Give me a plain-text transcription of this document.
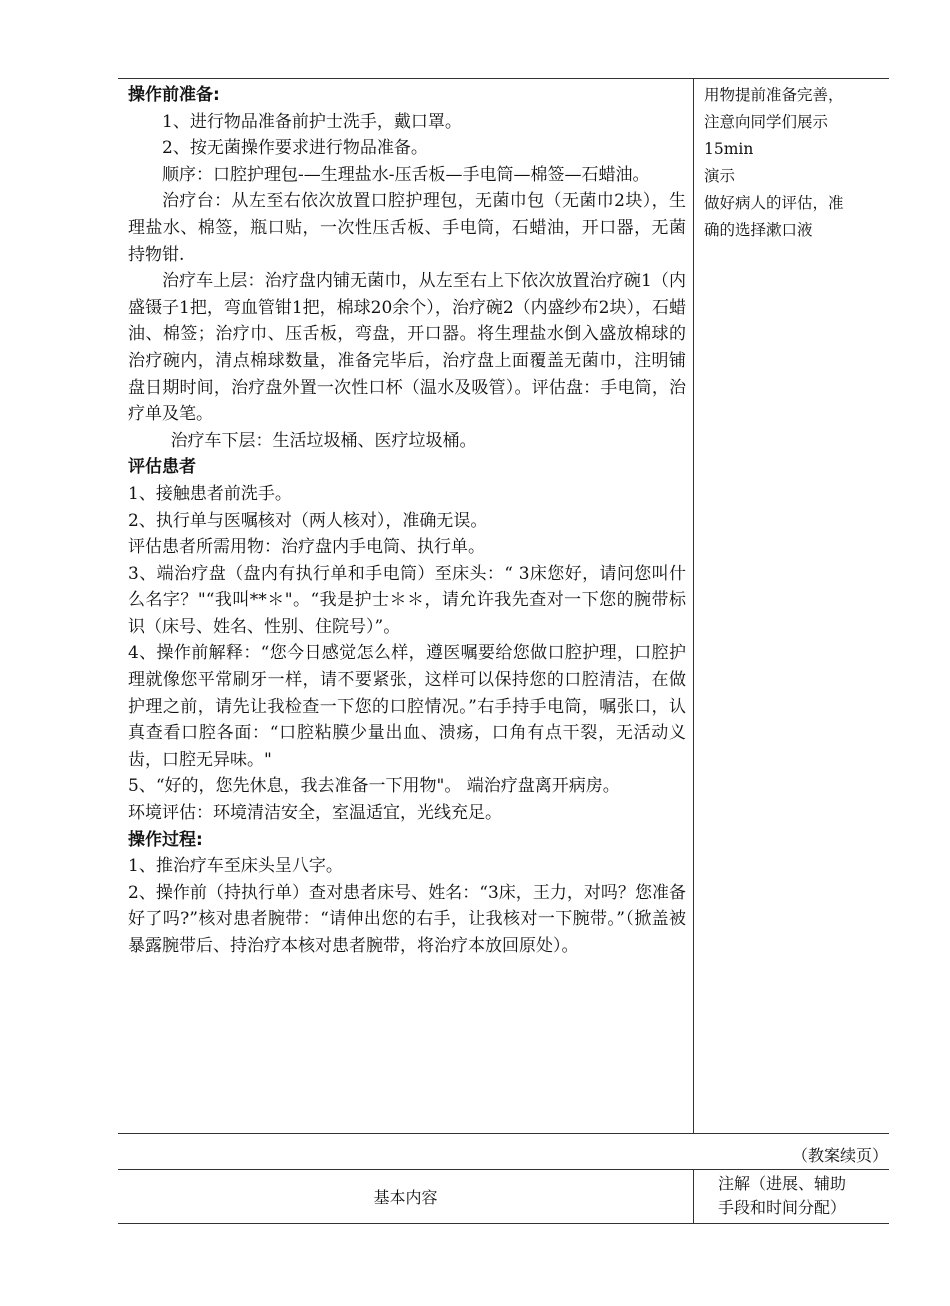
操作前准备:

1、进行物品准备前护士洗手，戴口罩。

2、按无菌操作要求进行物品准备。

顺序：口腔护理包-—生理盐水-压舌板—手电筒—棉签—石蜡油。

治疗台：从左至右依次放置口腔护理包，无菌巾包（无菌巾2块），生理盐水、棉签，瓶口贴，一次性压舌板、手电筒，石蜡油，开口器，无菌持物钳.

治疗车上层：治疗盘内铺无菌巾，从左至右上下依次放置治疗碗1（内盛镊子1把，弯血管钳1把，棉球20余个），治疗碗2（内盛纱布2块），石蜡油、棉签；治疗巾、压舌板，弯盘，开口器。将生理盐水倒入盛放棉球的治疗碗内，清点棉球数量，准备完毕后，治疗盘上面覆盖无菌巾，注明铺盘日期时间，治疗盘外置一次性口杯（温水及吸管）。评估盘：手电筒，治疗单及笔。

治疗车下层：生活垃圾桶、医疗垃圾桶。

评估患者

1、接触患者前洗手。

2、执行单与医嘱核对（两人核对），准确无误。

评估患者所需用物：治疗盘内手电筒、执行单。

3、端治疗盘（盘内有执行单和手电筒）至床头：“ 3床您好，请问您叫什么名字？"“我叫**＊"。“我是护士＊＊，请允许我先查对一下您的腕带标识（床号、姓名、性别、住院号）”。

4、操作前解释：“您今日感觉怎么样，遵医嘱要给您做口腔护理，口腔护理就像您平常刷牙一样，请不要紧张，这样可以保持您的口腔清洁，在做护理之前，请先让我检查一下您的口腔情况。”右手持手电筒，嘱张口，认真查看口腔各面：“口腔粘膜少量出血、溃疡，口角有点干裂，无活动义齿，口腔无异味。"

5、“好的，您先休息，我去准备一下用物"。 端治疗盘离开病房。

环境评估：环境清洁安全，室温适宜，光线充足。

操作过程:

1、推治疗车至床头呈八字。

2、操作前（持执行单）查对患者床号、姓名：“3床，王力，对吗？您准备好了吗?”核对患者腕带：“请伸出您的右手，让我核对一下腕带。”（掀盖被暴露腕带后、持治疗本核对患者腕带，将治疗本放回原处）。

用物提前准备完善，

注意向同学们展示

15min

演示

做好病人的评估，准

确的选择漱口液

（教案续页）
基本内容
注解（进展、辅助
手段和时间分配）
